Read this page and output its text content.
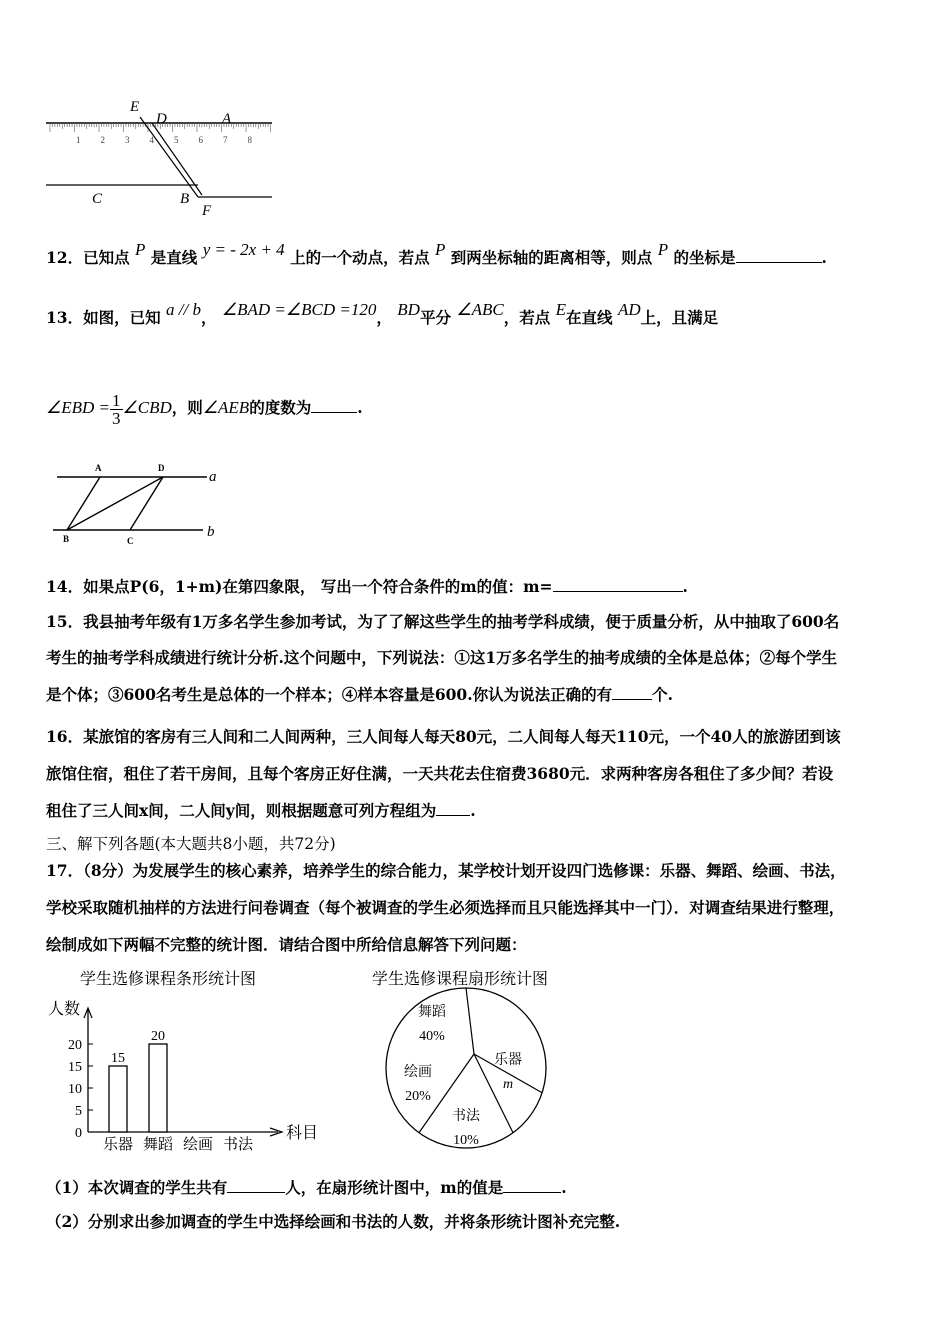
1 2 3 4 5 6 7 8
E
D	A
C	B
F
12．已知点 P 是直线 y = - 2x + 4 上的一个动点，若点 P 到两坐标轴的距离相等，则点 P 的坐标是	.
13．如图，已知 a // b， ∠BAD =∠BCD =120， BD平分 ∠ABC，若点 E在直线 AD上，且满足
∠EBD = $\frac{1}{3}$ ∠CBD，则∠AEB的度数为	.
A	D
B	C
a
b
14．如果点P(6，1+m)在第四象限， 写出一个符合条件的m的值：m=	.
15．我县抽考年级有1万多名学生参加考试，为了了解这些学生的抽考学科成绩，便于质量分析，从中抽取了600名
考生的抽考学科成绩进行统计分析.这个问题中，下列说法：①这1万多名学生的抽考成绩的全体是总体；②每个学生
是个体；③600名考生是总体的一个样本；④样本容量是600.你认为说法正确的有	个.
16．某旅馆的客房有三人间和二人间两种，三人间每人每天80元，二人间每人每天110元，一个40人的旅游团到该
旅馆住宿，租住了若干房间，且每个客房正好住满，一天共花去住宿费3680元．求两种客房各租住了多少间？若设
租住了三人间x间，二人间y间，则根据题意可列方程组为 .
三、解下列各题(本大题共8小题，共72分)
17．（8分）为发展学生的核心素养，培养学生的综合能力，某学校计划开设四门选修课：乐器、舞蹈、绘画、书法，
学校采取随机抽样的方法进行问卷调查（每个被调查的学生必须选择而且只能选择其中一门）．对调查结果进行整理，
绘制成如下两幅不完整的统计图．请结合图中所给信息解答下列问题：
学生选修课程条形统计图
人数
科目
0
5
10
15
20
15
乐器
20
舞蹈 绘画 书法
学生选修课程扇形统计图
舞蹈
40%
乐器
m
书法
10%
绘画
20%
（1）本次调查的学生共有	人，在扇形统计图中，m的值是	.
（2）分别求出参加调查的学生中选择绘画和书法的人数，并将条形统计图补充完整.
